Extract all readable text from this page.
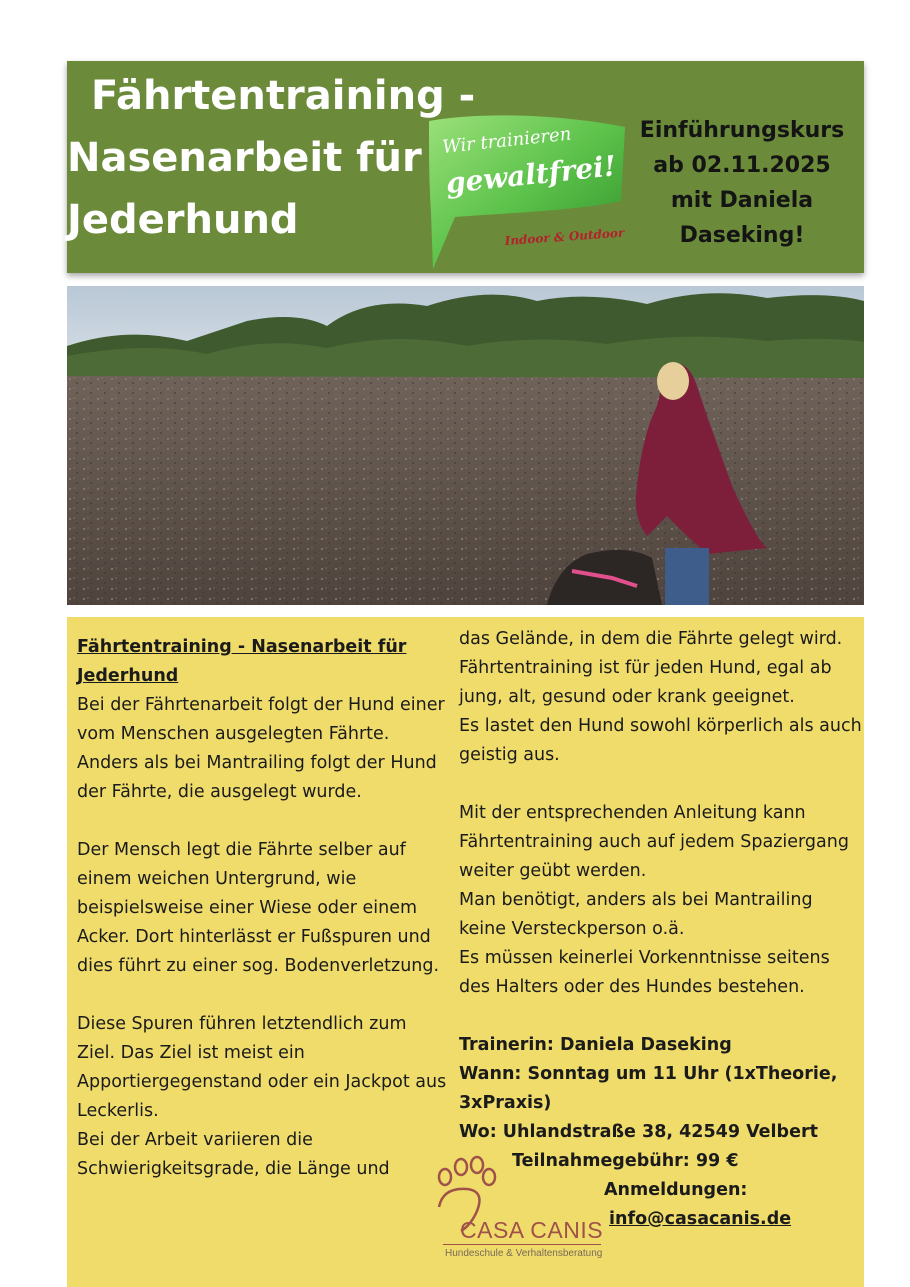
Fährtentraining -
Nasenarbeit für
Jederhund
Einführungskurs
ab 02.11.2025
mit Daniela
Daseking!
Wir trainieren
gewaltfrei!
Indoor & Outdoor

Fährtentraining - Nasenarbeit für
Jederhund

Bei der Fährtenarbeit folgt der Hund einer vom Menschen ausgelegten Fährte. Anders als bei Mantrailing folgt der Hund der Fährte, die ausgelegt wurde.

Der Mensch legt die Fährte selber auf einem weichen Untergrund, wie beispielsweise einer Wiese oder einem Acker. Dort hinterlässt er Fußspuren und dies führt zu einer sog. Bodenverletzung.

Diese Spuren führen letztendlich zum Ziel. Das Ziel ist meist ein Apportiergegenstand oder ein Jackpot aus Leckerlis.

Bei der Arbeit variieren die Schwierigkeitsgrade, die Länge und

das Gelände, in dem die Fährte gelegt wird.

Fährtentraining ist für jeden Hund, egal ab jung, alt, gesund oder krank geeignet.

Es lastet den Hund sowohl körperlich als auch geistig aus.

Mit der entsprechenden Anleitung kann Fährtentraining auch auf jedem Spaziergang weiter geübt werden.

Man benötigt, anders als bei Mantrailing keine Versteckperson o.ä.

Es müssen keinerlei Vorkenntnisse seitens des Halters oder des Hundes bestehen.

Trainerin: Daniela Daseking

Wann: Sonntag um 11 Uhr (1xTheorie, 3xPraxis)

Wo: Uhlandstraße 38, 42549 Velbert

Teilnahmegebühr: 99 €

Anmeldungen:

info@casacanis.de

CASA CANIS
Hundeschule & Verhaltensberatung
